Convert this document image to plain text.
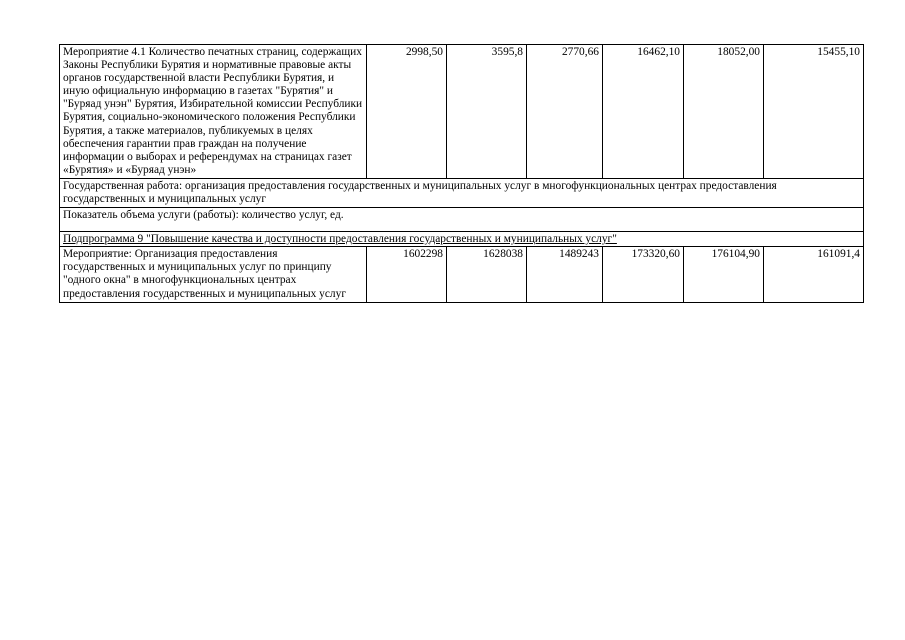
Мероприятие 4.1 Количество печатных страниц, содержащих Законы Республики Бурятия и нормативные правовые акты органов государственной власти Республики Бурятия, и иную официальную информацию в газетах "Бурятия" и "Буряад унэн" Бурятия, Избирательной комиссии Республики Бурятия, социально-экономического положения Республики Бурятия, а также материалов, публикуемых в целях обеспечения гарантии прав граждан на получение информации о выборах и референдумах на страницах газет «Бурятия» и «Буряад унэн»	2998,50	3595,8	2770,66	16462,10	18052,00	15455,10
Государственная работа: организация предоставления государственных и муниципальных услуг в многофункциональных центрах предоставления государственных и муниципальных услуг						
Показатель объема услуги (работы): количество услуг, ед.						
Подпрограмма 9 "Повышение качества и доступности предоставления государственных и муниципальных услуг"						
Мероприятие: Организация предоставления государственных и муниципальных услуг по принципу "одного окна" в многофункциональных центрах предоставления государственных и муниципальных услуг	1602298	1628038	1489243	173320,60	176104,90	161091,4
